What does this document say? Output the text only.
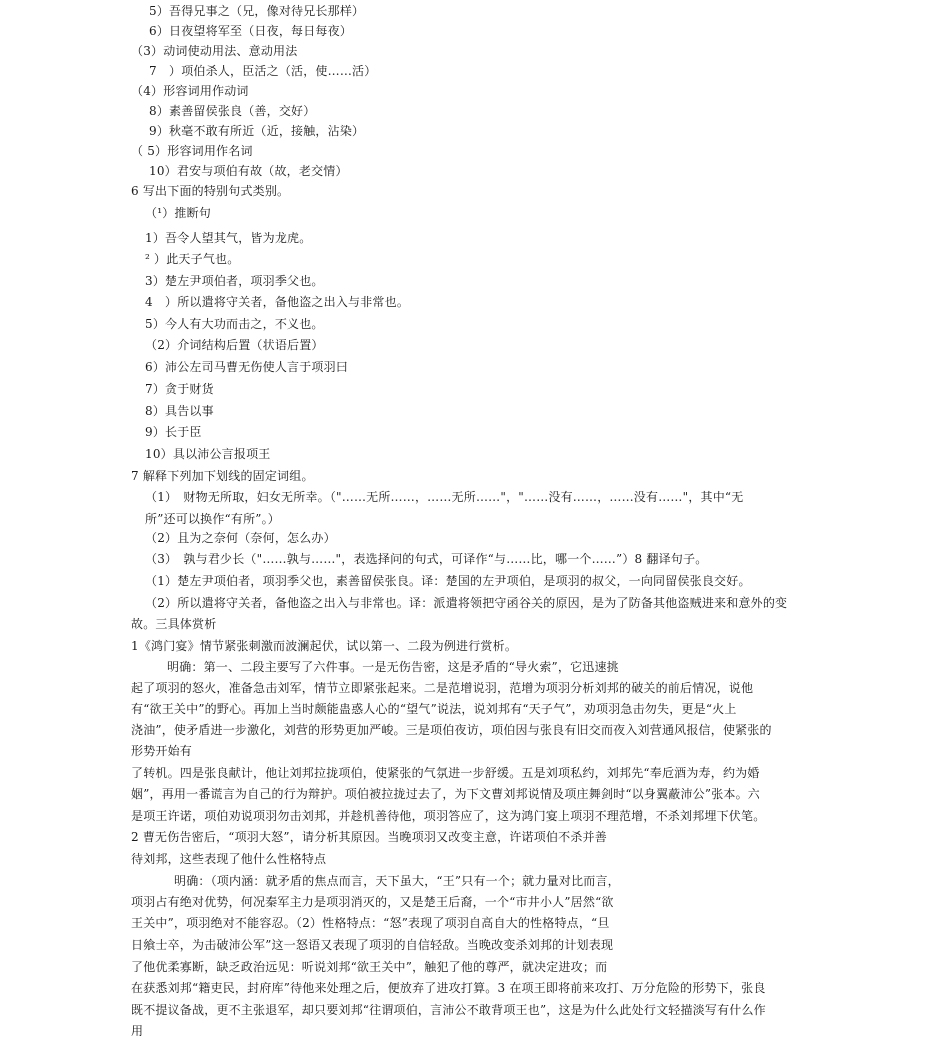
5）吾得兄事之（兄，像对待兄长那样）
6）日夜望将军至（日夜，每日每夜）
（3）动词使动用法、意动用法
7　）项伯杀人，臣活之（活，使……活）
（4）形容词用作动词
8）素善留侯张良（善，交好）
9）秋毫不敢有所近（近，接触，沾染）
（ 5）形容词用作名词
10）君安与项伯有故（故，老交情）
6 写出下面的特别句式类别。
（¹）推断句
1）吾令人望其气，皆为龙虎。
² ）此天子气也。
3）楚左尹项伯者，项羽季父也。
4　）所以遣将守关者，备他盗之出入与非常也。
5）今人有大功而击之，不义也。
（2）介词结构后置（状语后置）
6）沛公左司马曹无伤使人言于项羽曰
7）贪于财货
8）具告以事
9）长于臣
10）具以沛公言报项王
7 解释下列加下划线的固定词组。
（1）　财物无所取，妇女无所幸。（"……无所……，……无所……"，"……没有……，……没有……"，其中“无
所”还可以换作“有所”。）
（2）且为之奈何（奈何，怎么办）
（3）　孰与君少长（"……孰与……"，表选择问的句式，可译作“与……比，哪一个……”）8 翻译句子。
（1）楚左尹项伯者，项羽季父也，素善留侯张良。译：楚国的左尹项伯，是项羽的叔父，一向同留侯张良交好。
（2）所以遣将守关者，备他盗之出入与非常也。译：派遣将领把守函谷关的原因，是为了防备其他盗贼进来和意外的变
故。三具体赏析
1《鸿门宴》情节紧张刺激而波澜起伏，试以第一、二段为例进行赏析。
明确：第一、二段主要写了六件事。一是无伤告密，这是矛盾的“导火索”，它迅速挑
起了项羽的怒火，准备急击刘军，情节立即紧张起来。二是范增说羽，范增为项羽分析刘邦的破关的前后情况，说他
有“欲王关中”的野心。再加上当时颇能蛊惑人心的“望气”说法，说刘邦有“天子气”，劝项羽急击勿失，更是“火上
浇油”，使矛盾进一步激化，刘营的形势更加严峻。三是项伯夜访，项伯因与张良有旧交而夜入刘营通风报信，使紧张的
形势开始有
了转机。四是张良献计，他让刘邦拉拢项伯，使紧张的气氛进一步舒缓。五是刘项私约，刘邦先“奉卮酒为寿，约为婚
姻”，再用一番谎言为自己的行为辩护。项伯被拉拢过去了，为下文曹刘邦说情及项庄舞剑时“以身翼蔽沛公”张本。六
是项王许诺，项伯劝说项羽勿击刘邦，并趁机善待他，项羽答应了，这为鸿门宴上项羽不理范增，不杀刘邦埋下伏笔。
2 曹无伤告密后，“项羽大怒”，请分析其原因。当晚项羽又改变主意，许诺项伯不杀并善
待刘邦，这些表现了他什么性格特点
明确：（项内涵：就矛盾的焦点而言，天下虽大，“王”只有一个；就力量对比而言，
项羽占有绝对优势，何况秦军主力是项羽消灭的，又是楚王后裔，一个“市井小人”居然“欲
王关中”，项羽绝对不能容忍。（2）性格特点：“怒”表现了项羽自高自大的性格特点，“旦
日飨士卒，为击破沛公军”这一怒语又表现了项羽的自信轻敌。当晚改变杀刘邦的计划表现
了他优柔寡断，缺乏政治远见：听说刘邦“欲王关中”，触犯了他的尊严，就决定进攻；而
在获悉刘邦“籍吏民，封府库”待他来处理之后，便放弃了进攻打算。3 在项王即将前来攻打、万分危险的形势下，张良
既不提议备战，更不主张退军，却只要刘邦“往谓项伯，言沛公不敢背项王也”，这是为什么此处行文轻描淡写有什么作
用
